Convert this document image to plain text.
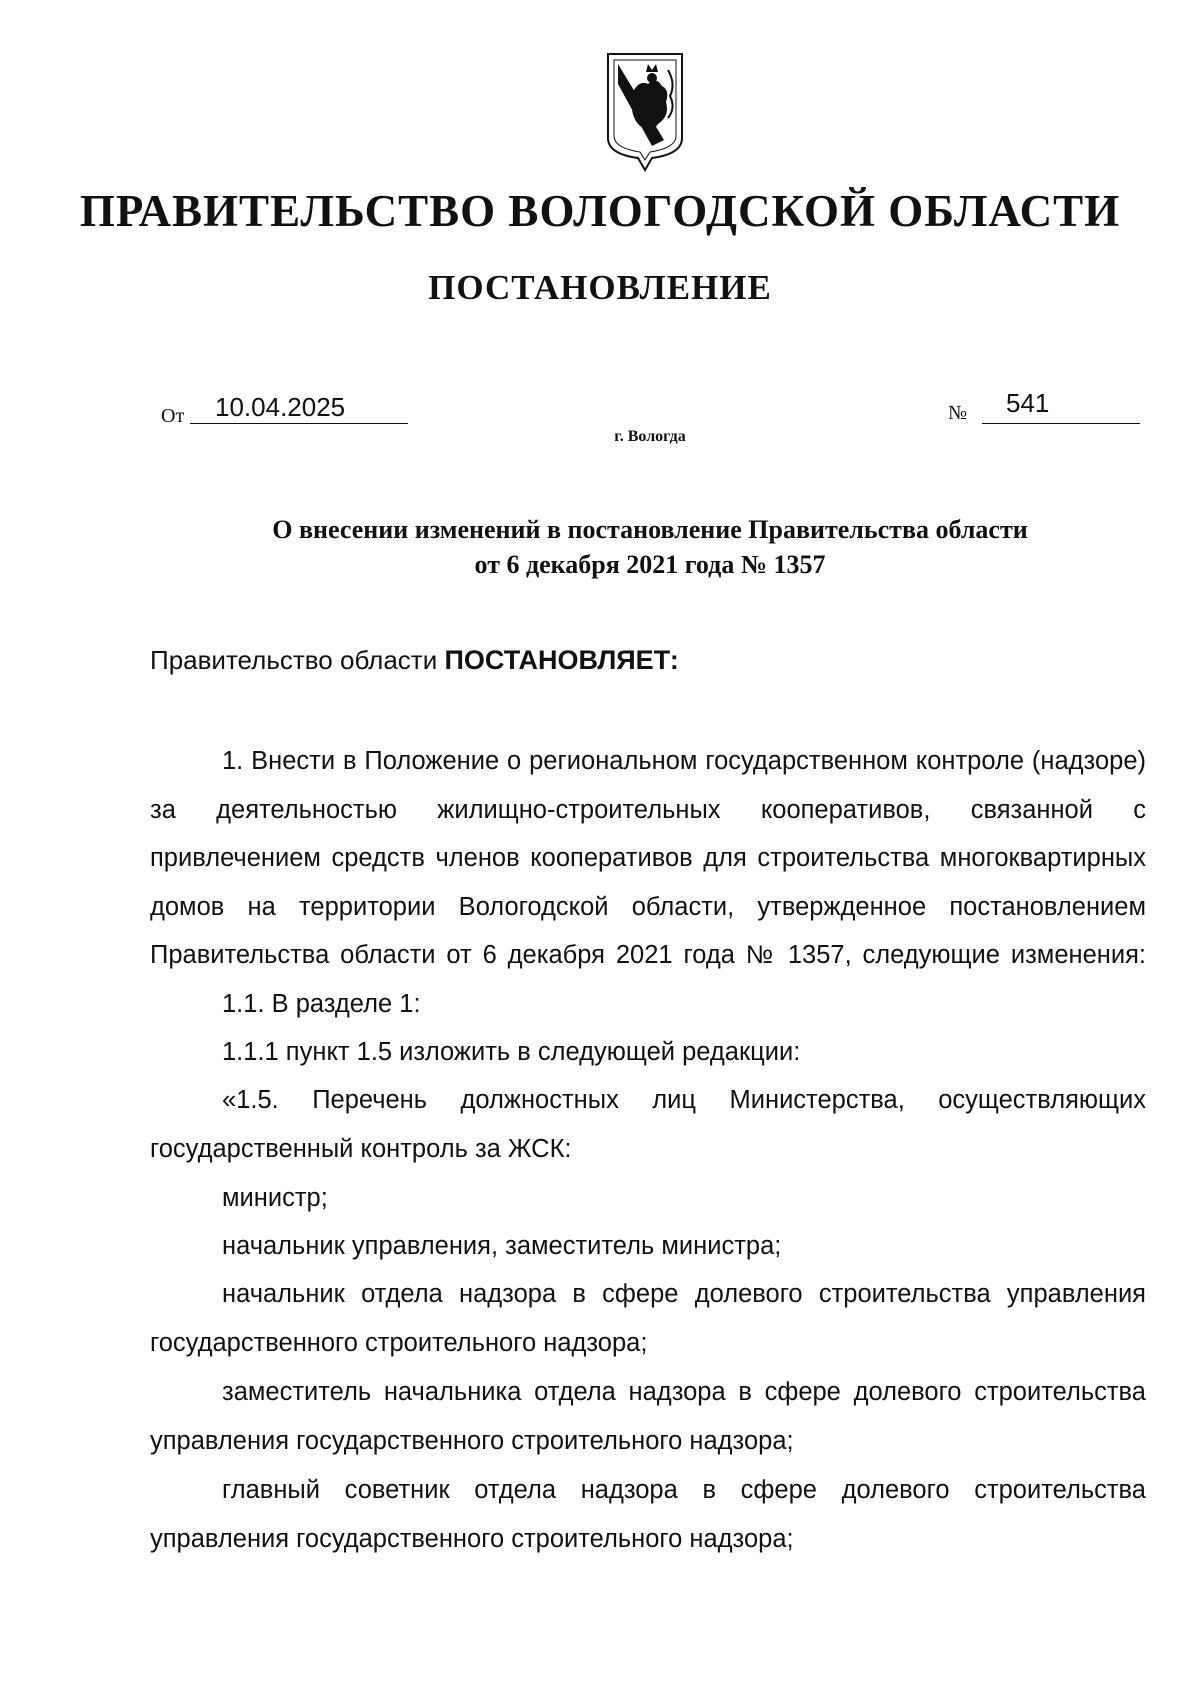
ПРАВИТЕЛЬСТВО ВОЛОГОДСКОЙ ОБЛАСТИ
ПОСТАНОВЛЕНИЕ
От 10.04.2025	№ 541
г. Вологда
О внесении изменений в постановление Правительства области
от 6 декабря 2021 года № 1357
Правительство области ПОСТАНОВЛЯЕТ:

1. Внести в Положение о региональном государственном контроле (надзоре) за деятельностью жилищно-строительных кооперативов, связанной с привлечением средств членов кооперативов для строительства многоквартирных домов на территории Вологодской области, утвержденное постановлением Правительства области от 6 декабря 2021 года № 1357, следующие изменения:

1.1. В разделе 1:

1.1.1 пункт 1.5 изложить в следующей редакции:

«1.5. Перечень должностных лиц Министерства, осуществляющих государственный контроль за ЖСК:

министр;

начальник управления, заместитель министра;

начальник отдела надзора в сфере долевого строительства управления государственного строительного надзора;

заместитель начальника отдела надзора в сфере долевого строительства управления государственного строительного надзора;

главный советник отдела надзора в сфере долевого строительства управления государственного строительного надзора;
